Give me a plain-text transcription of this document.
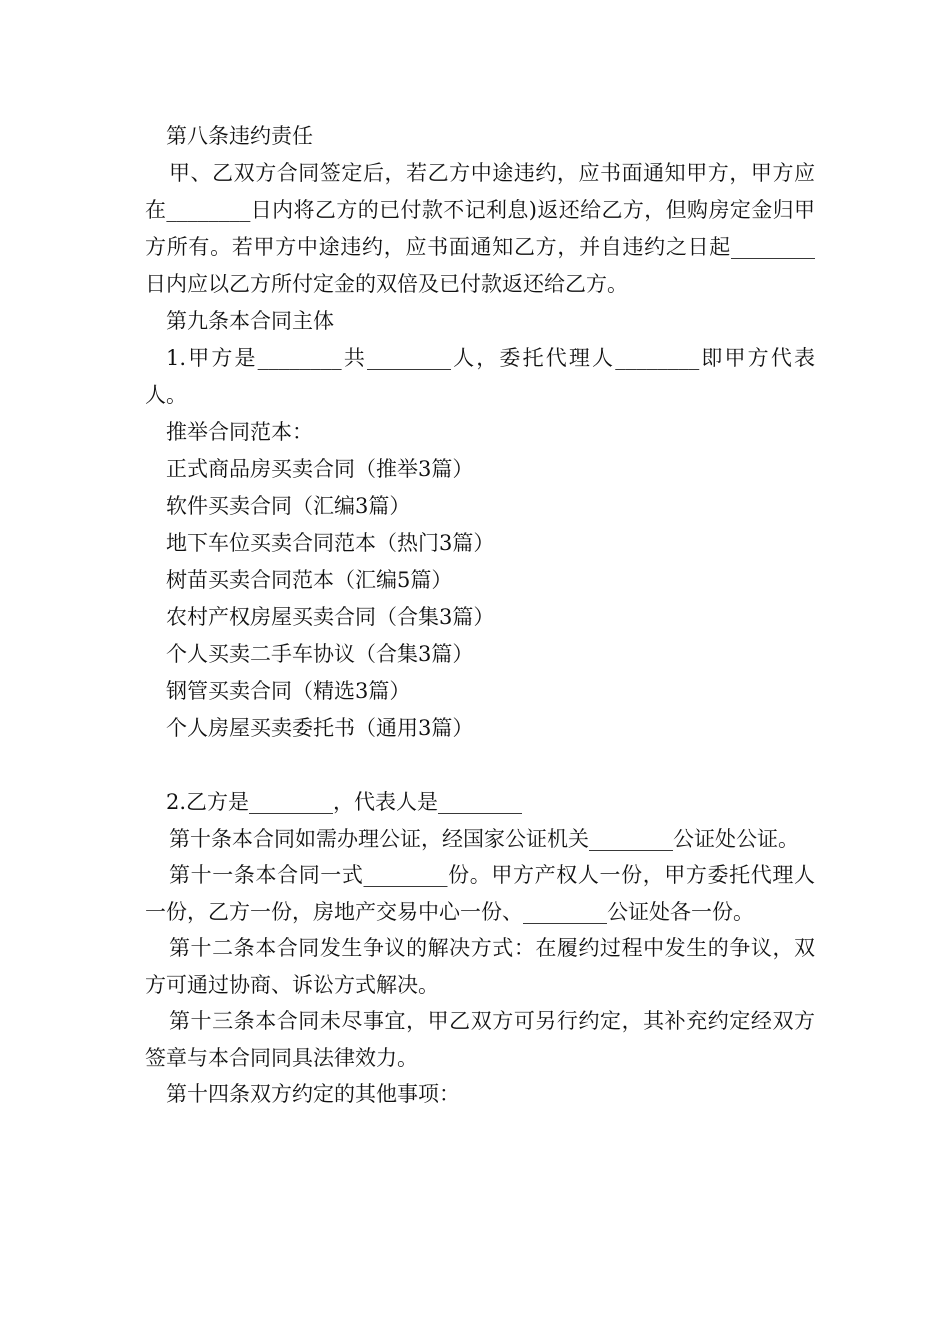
第八条违约责任

甲、乙双方合同签定后，若乙方中途违约，应书面通知甲方，甲方应在________日内将乙方的已付款不记利息)返还给乙方，但购房定金归甲方所有。若甲方中途违约，应书面通知乙方，并自违约之日起________日内应以乙方所付定金的双倍及已付款返还给乙方。

第九条本合同主体

1.甲方是________共________人，委托代理人________即甲方代表人。

推举合同范本：

正式商品房买卖合同（推举3篇）

软件买卖合同（汇编3篇）

地下车位买卖合同范本（热门3篇）

树苗买卖合同范本（汇编5篇）

农村产权房屋买卖合同（合集3篇）

个人买卖二手车协议（合集3篇）

钢管买卖合同（精选3篇）

个人房屋买卖委托书（通用3篇）

2.乙方是________，代表人是________

第十条本合同如需办理公证，经国家公证机关________公证处公证。

第十一条本合同一式________份。甲方产权人一份，甲方委托代理人一份，乙方一份，房地产交易中心一份、________公证处各一份。

第十二条本合同发生争议的解决方式：在履约过程中发生的争议，双方可通过协商、诉讼方式解决。

第十三条本合同未尽事宜，甲乙双方可另行约定，其补充约定经双方签章与本合同同具法律效力。

第十四条双方约定的其他事项：
